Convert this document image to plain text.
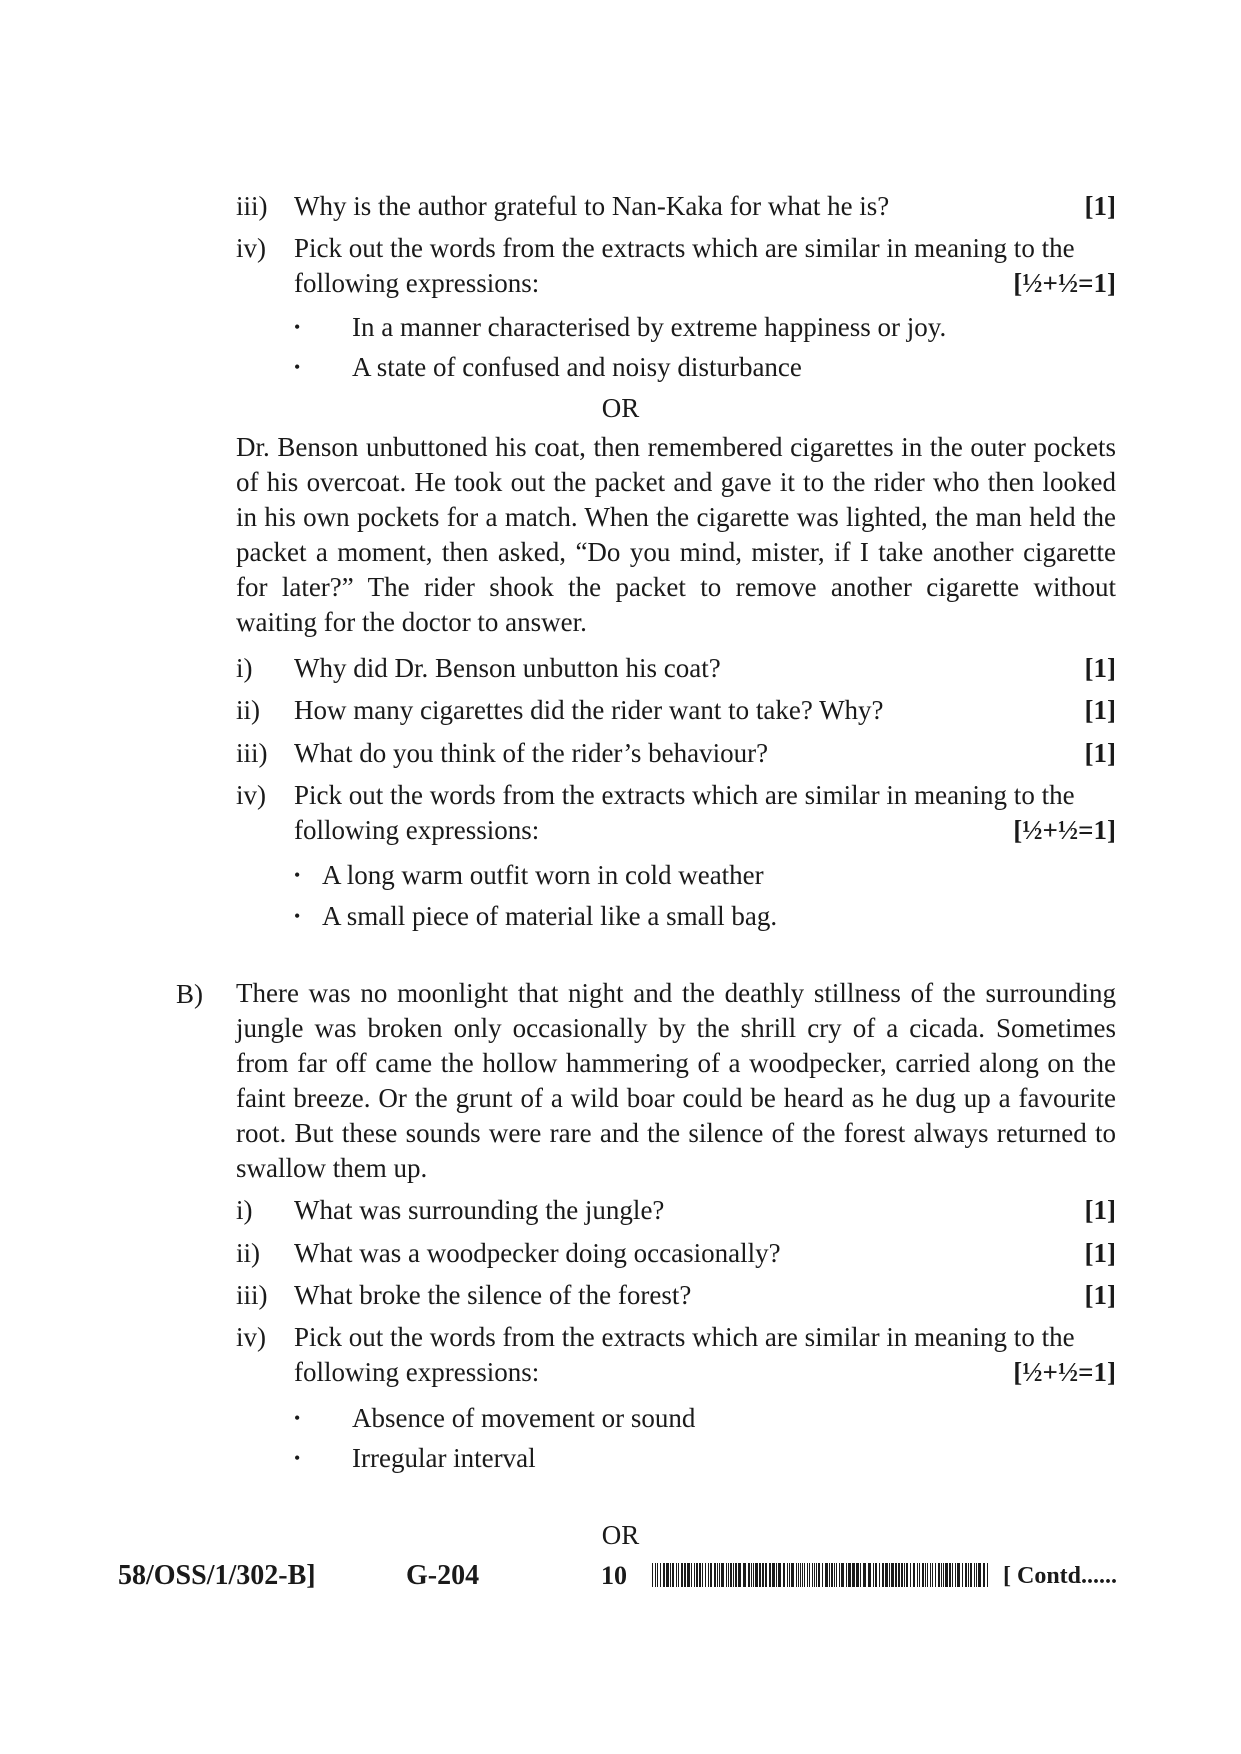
iii) Why is the author grateful to Nan-Kaka for what he is?	[1]
iv) Pick out the words from the extracts which are similar in meaning to the
following expressions:	[½+½=1]
• In a manner characterised by extreme happiness or joy.
• A state of confused and noisy disturbance
OR

Dr. Benson unbuttoned his coat, then remembered cigarettes in the outer pockets of his overcoat. He took out the packet and gave it to the rider who then looked in his own pockets for a match. When the cigarette was lighted, the man held the packet a moment, then asked, “Do you mind, mister, if I take another cigarette for later?” The rider shook the packet to remove another cigarette without waiting for the doctor to answer.

i) Why did Dr. Benson unbutton his coat?	[1]
ii) How many cigarettes did the rider want to take? Why?	[1]
iii) What do you think of the rider’s behaviour?	[1]
iv) Pick out the words from the extracts which are similar in meaning to the
following expressions:	[½+½=1]
• A long warm outfit worn in cold weather
• A small piece of material like a small bag.
B) There was no moonlight that night and the deathly stillness of the surrounding jungle was broken only occasionally by the shrill cry of a cicada. Sometimes from far off came the hollow hammering of a woodpecker, carried along on the faint breeze. Or the grunt of a wild boar could be heard as he dug up a favourite root. But these sounds were rare and the silence of the forest always returned to swallow them up.

i) What was surrounding the jungle?	[1]
ii) What was a woodpecker doing occasionally?	[1]
iii) What broke the silence of the forest?	[1]
iv) Pick out the words from the extracts which are similar in meaning to the
following expressions:	[½+½=1]
• Absence of movement or sound
• Irregular interval
OR
58/OSS/1/302-B]	G-204	10	[ Contd......
